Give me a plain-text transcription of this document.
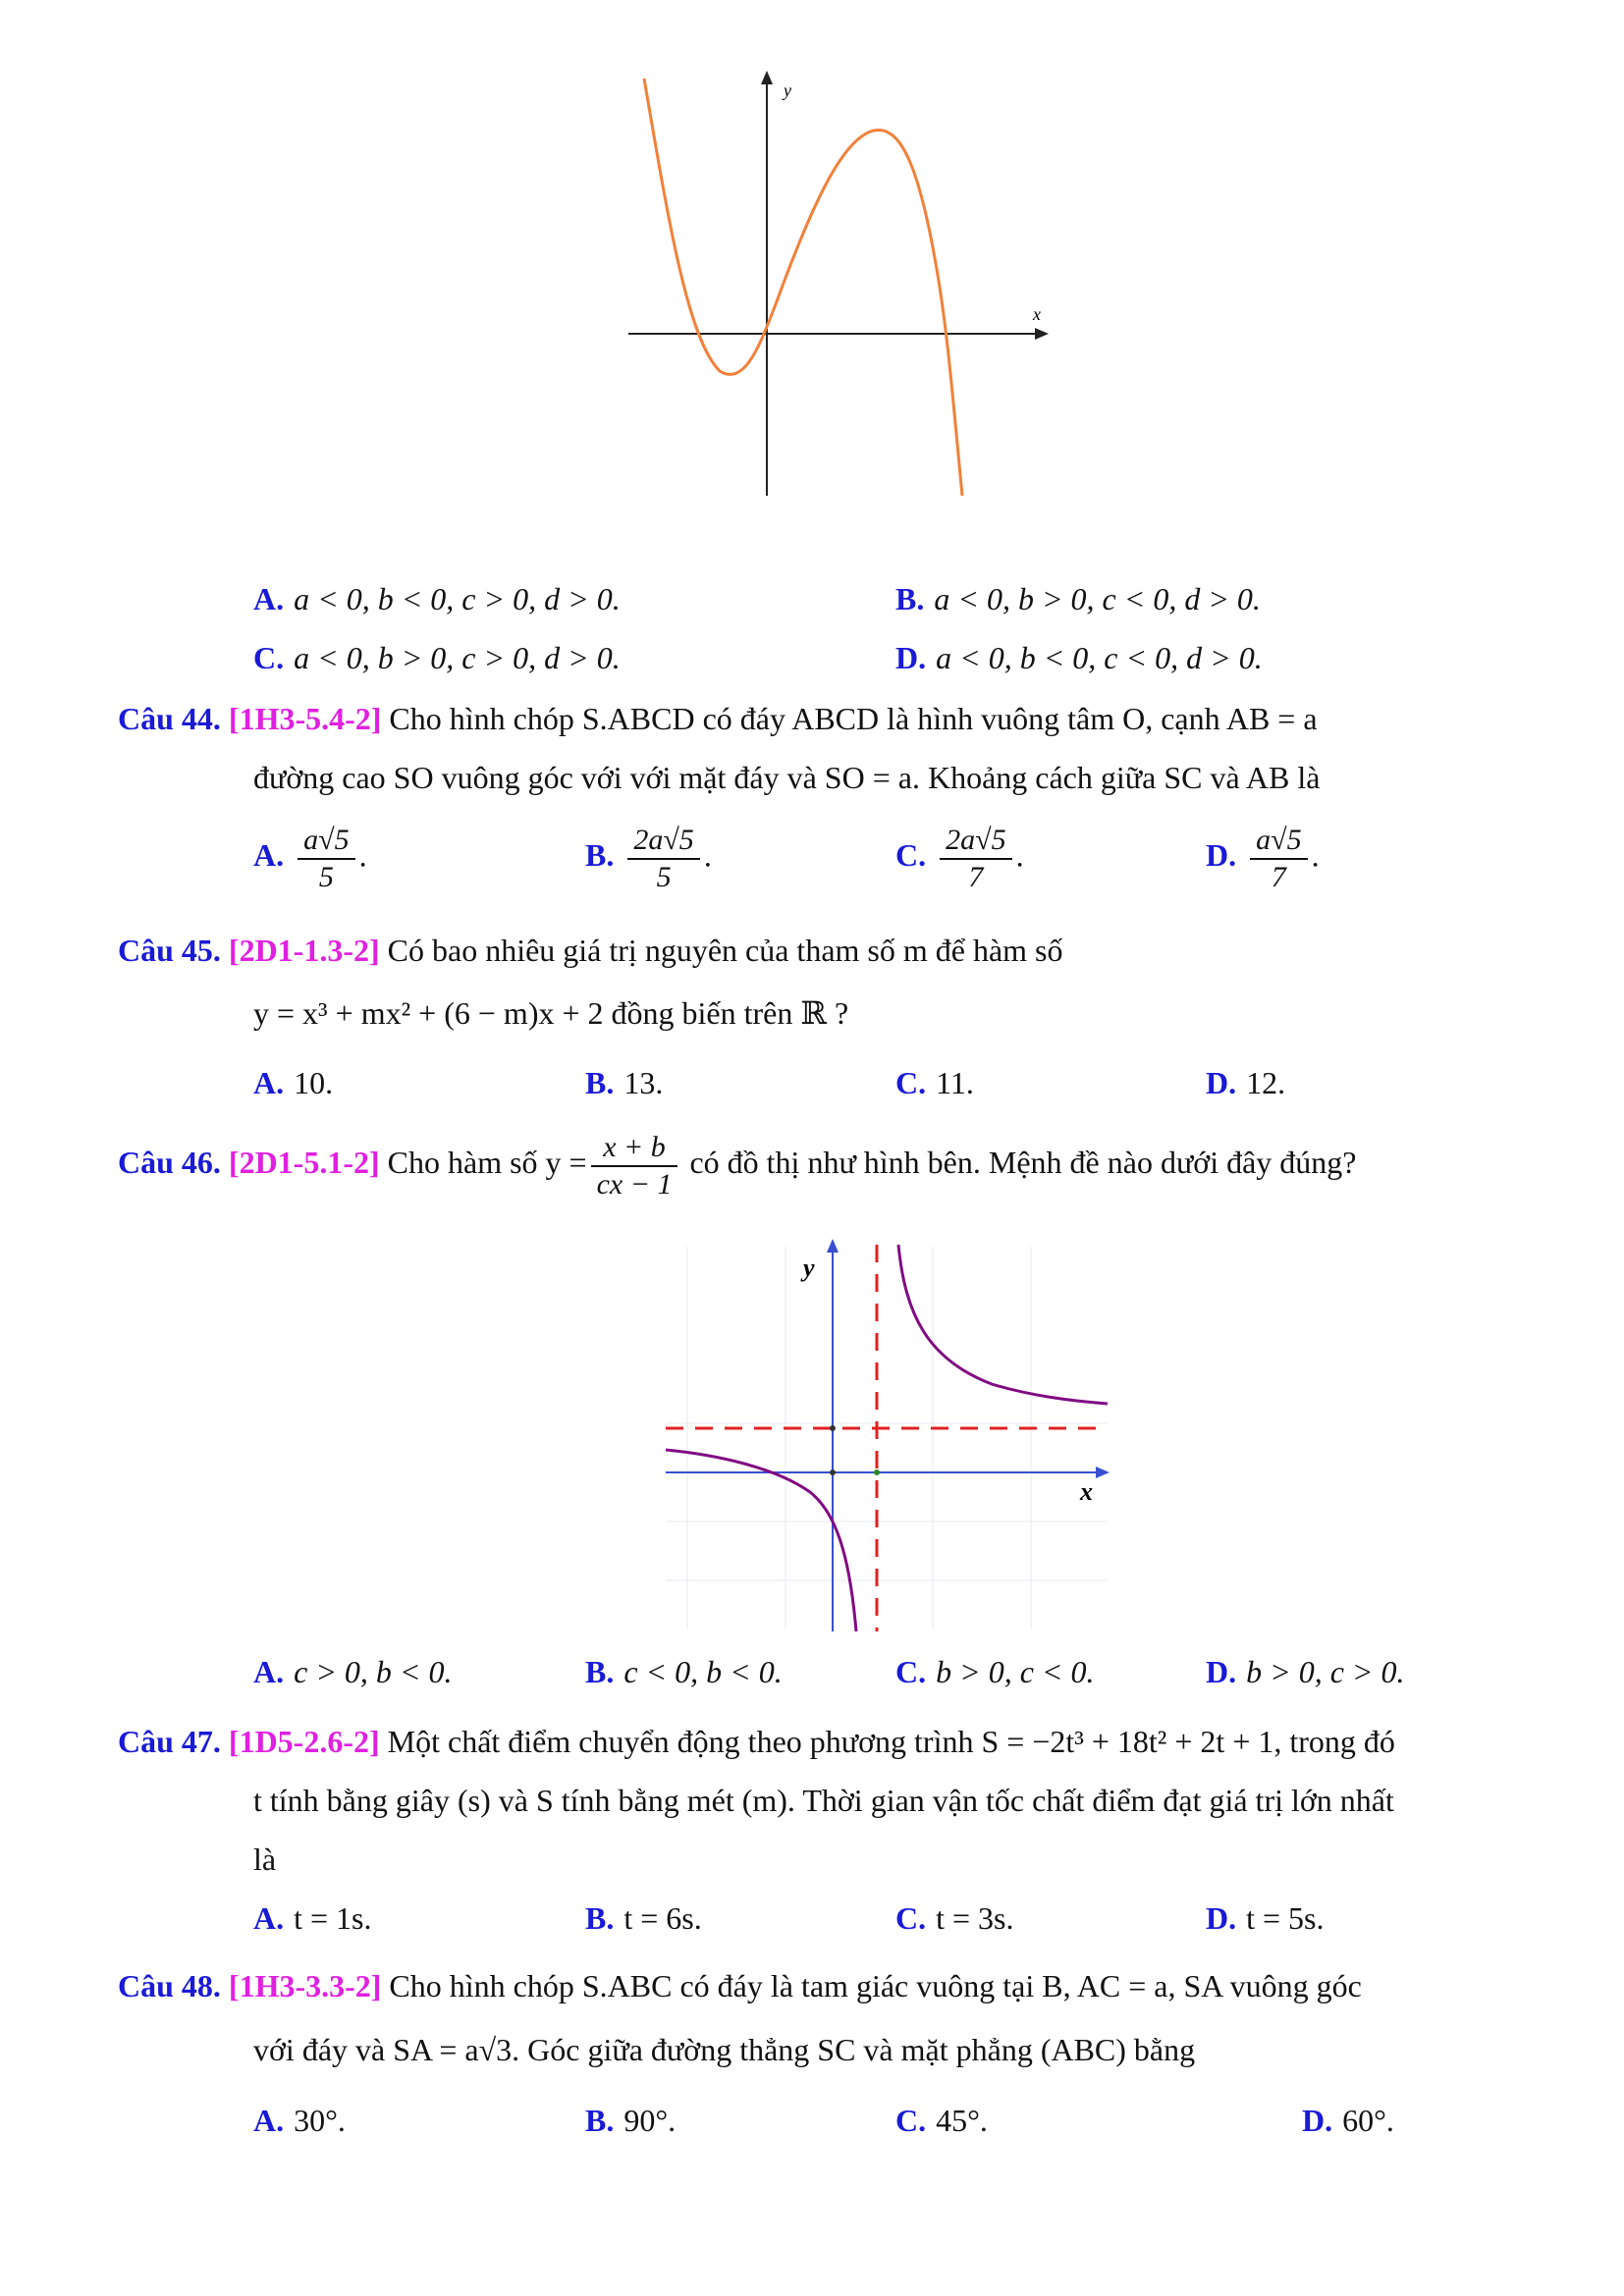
x
y
A. a < 0, b < 0, c > 0, d > 0.	B. a < 0, b > 0, c < 0, d > 0.
C. a < 0, b > 0, c > 0, d > 0.	D. a < 0, b < 0, c < 0, d > 0.
Câu 44. [1H3-5.4-2] Cho hình chóp S.ABCD có đáy ABCD là hình vuông tâm O, cạnh AB = a
đường cao SO vuông góc với với mặt đáy và SO = a. Khoảng cách giữa SC và AB là
A. $\frac{a√5}{5}$ .	B. $\frac{2a√5}{5}$ .	C. $\frac{2a√5}{7}$ .	D. $\frac{a√5}{7}$ .
Câu 45. [2D1-1.3-2] Có bao nhiêu giá trị nguyên của tham số m để hàm số
y = x³ + mx² + (6 − m)x + 2 đồng biến trên ℝ ?
A. 10.	B. 13.	C. 11.	D. 12.
Câu 46. [2D1-5.1-2] Cho hàm số $y = \frac{x + b}{cx - 1}$ có đồ thị như hình bên. Mệnh đề nào dưới đây đúng?
x
y
A. c > 0, b < 0.	B. c < 0, b < 0.	C. b > 0, c < 0.	D. b > 0, c > 0.
Câu 47. [1D5-2.6-2] Một chất điểm chuyển động theo phương trình S = −2t³ + 18t² + 2t + 1, trong đó
t tính bằng giây (s) và S tính bằng mét (m). Thời gian vận tốc chất điểm đạt giá trị lớn nhất
là
A. t = 1s.	B. t = 6s.	C. t = 3s.	D. t = 5s.
Câu 48. [1H3-3.3-2] Cho hình chóp S.ABC có đáy là tam giác vuông tại B, AC = a, SA vuông góc
với đáy và SA = a√3. Góc giữa đường thẳng SC và mặt phẳng (ABC) bằng
A. 30°.	B. 90°.	C. 45°.	D. 60°.
